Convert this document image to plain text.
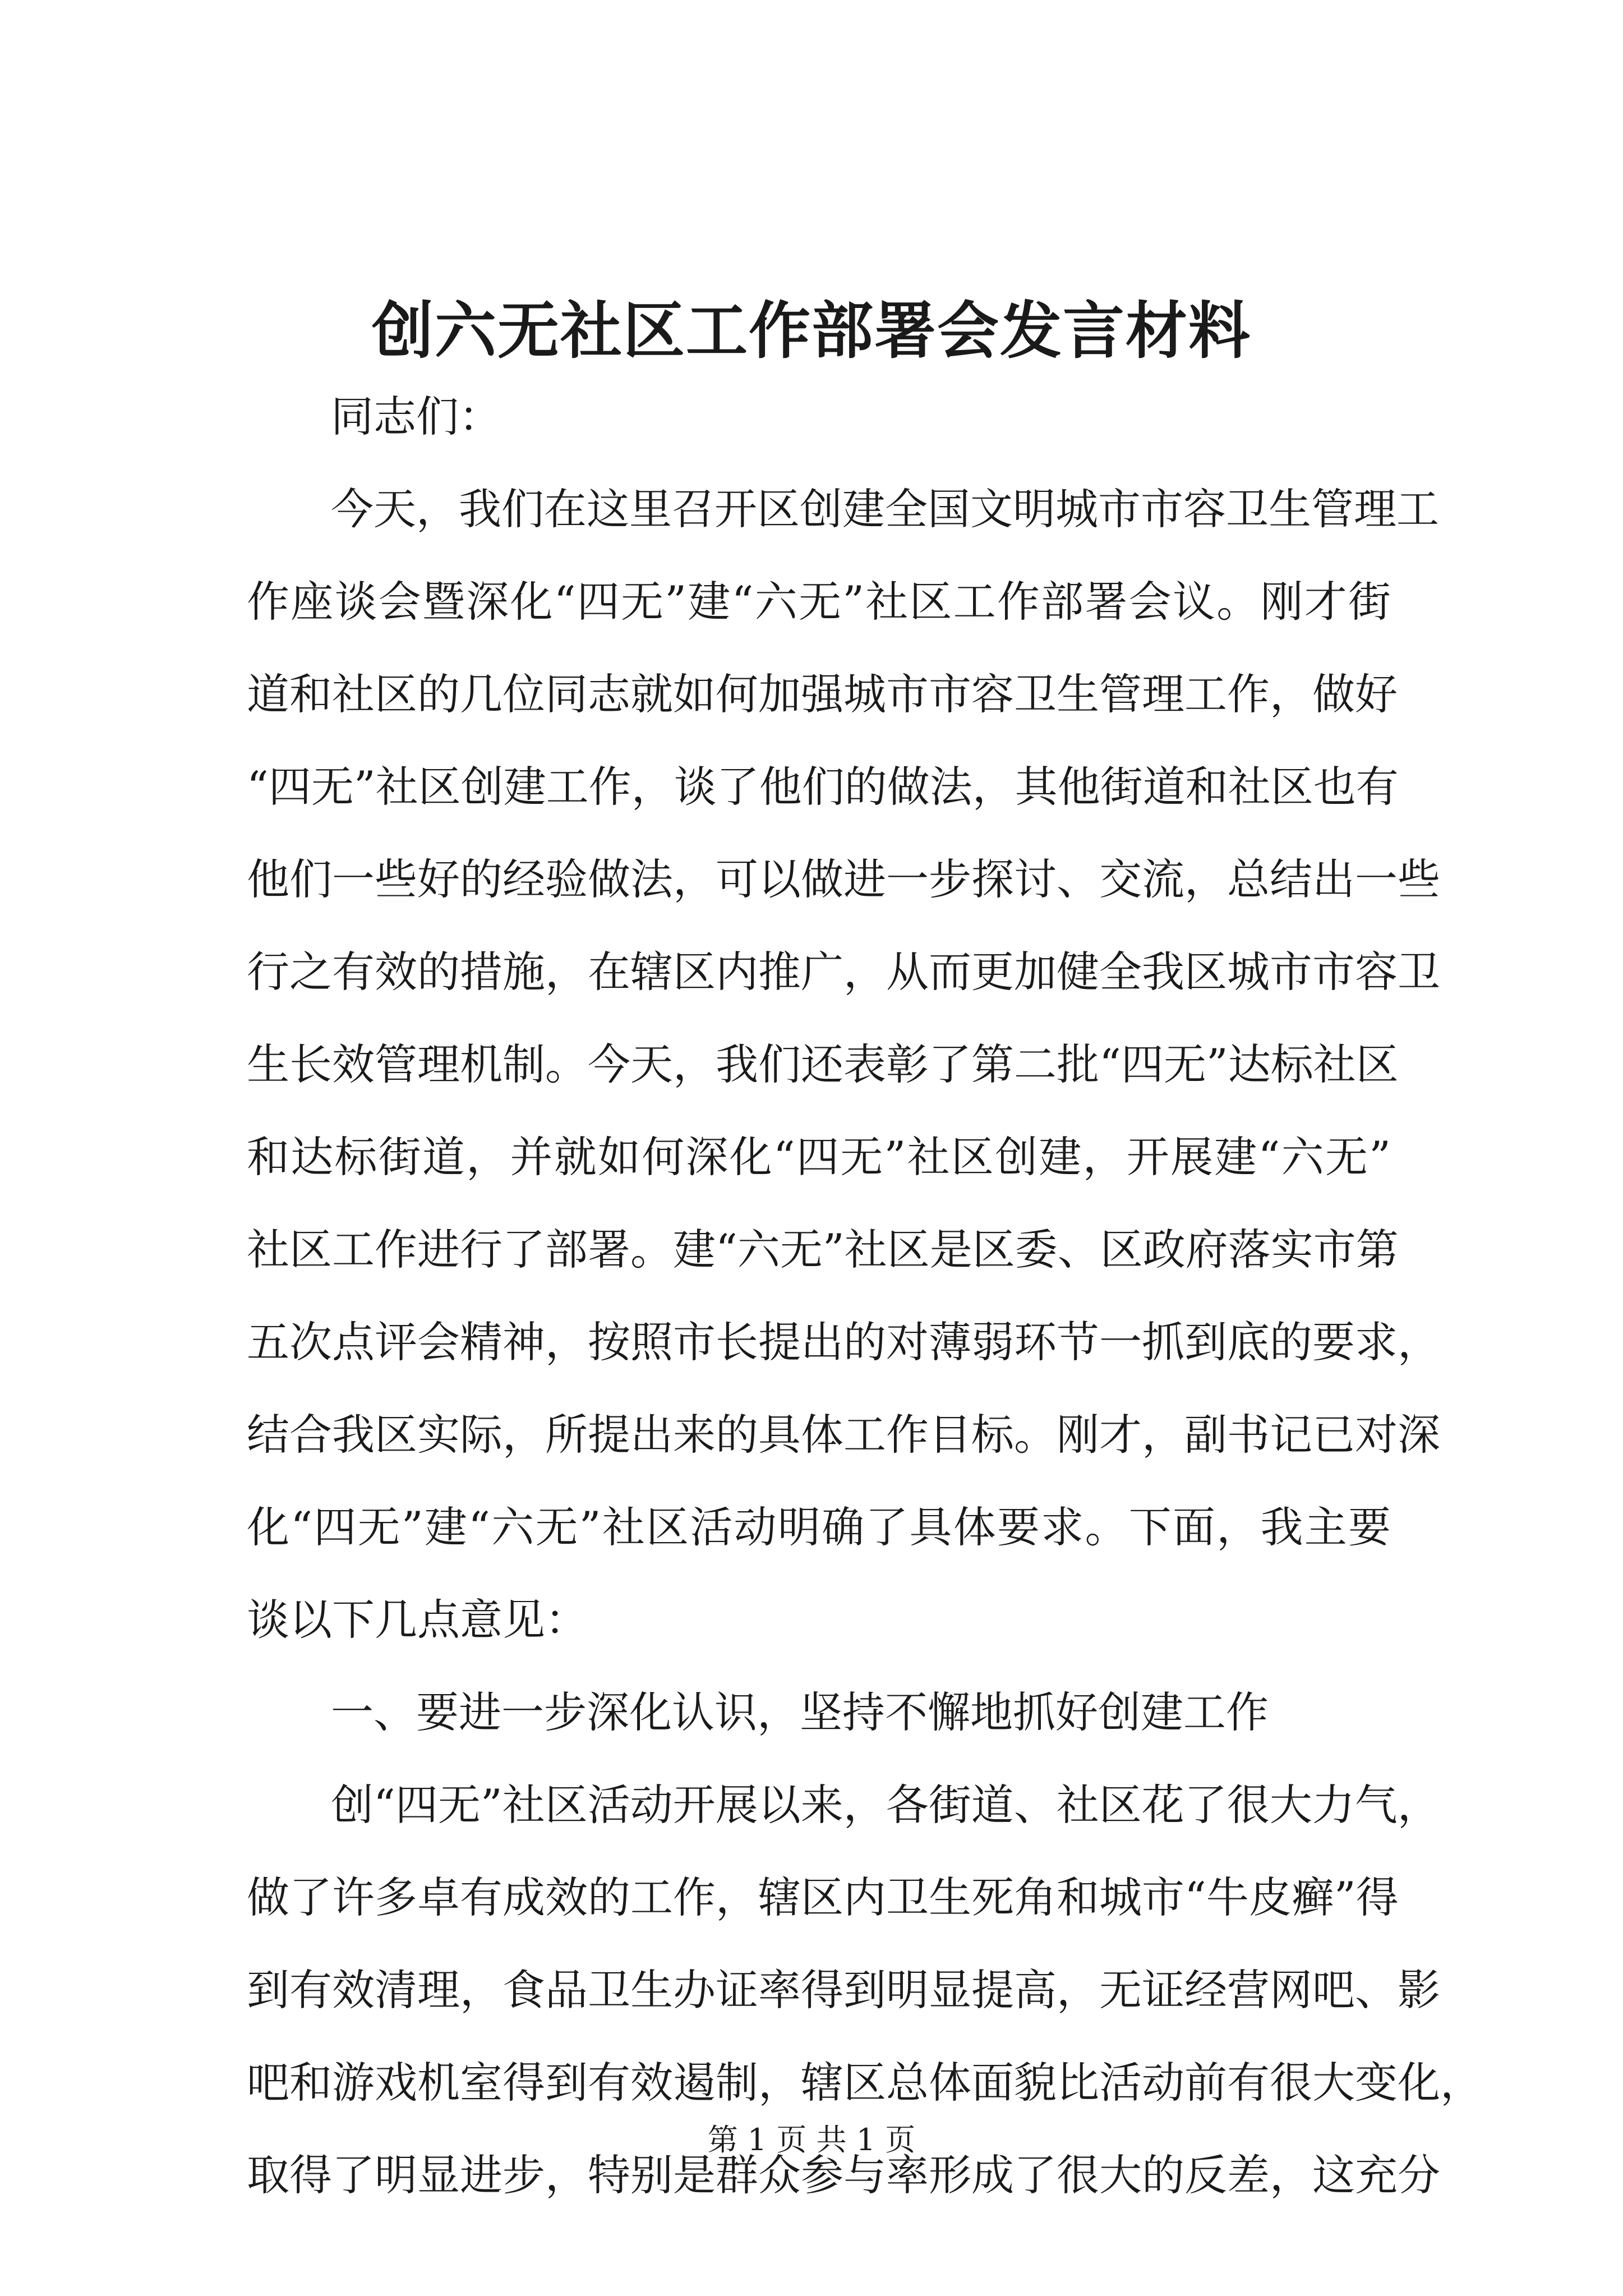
创六无社区工作部署会发言材料
同志们：
今天，我们在这里召开区创建全国文明城市市容卫生管理工
作座谈会暨深化“四无”建“六无”社区工作部署会议。刚才街
道和社区的几位同志就如何加强城市市容卫生管理工作，做好
“四无”社区创建工作，谈了他们的做法，其他街道和社区也有
他们一些好的经验做法，可以做进一步探讨、交流，总结出一些
行之有效的措施，在辖区内推广，从而更加健全我区城市市容卫
生长效管理机制。今天，我们还表彰了第二批“四无”达标社区
和达标街道，并就如何深化“四无”社区创建，开展建“六无”
社区工作进行了部署。建“六无”社区是区委、区政府落实市第
五次点评会精神，按照市长提出的对薄弱环节一抓到底的要求，
结合我区实际，所提出来的具体工作目标。刚才，副书记已对深
化“四无”建“六无”社区活动明确了具体要求。下面，我主要
谈以下几点意见：
一、要进一步深化认识，坚持不懈地抓好创建工作
创“四无”社区活动开展以来，各街道、社区花了很大力气，
做了许多卓有成效的工作，辖区内卫生死角和城市“牛皮癣”得
到有效清理，食品卫生办证率得到明显提高，无证经营网吧、影
吧和游戏机室得到有效遏制，辖区总体面貌比活动前有很大变化，
取得了明显进步，特别是群众参与率形成了很大的反差，这充分
第 1 页 共 1 页
